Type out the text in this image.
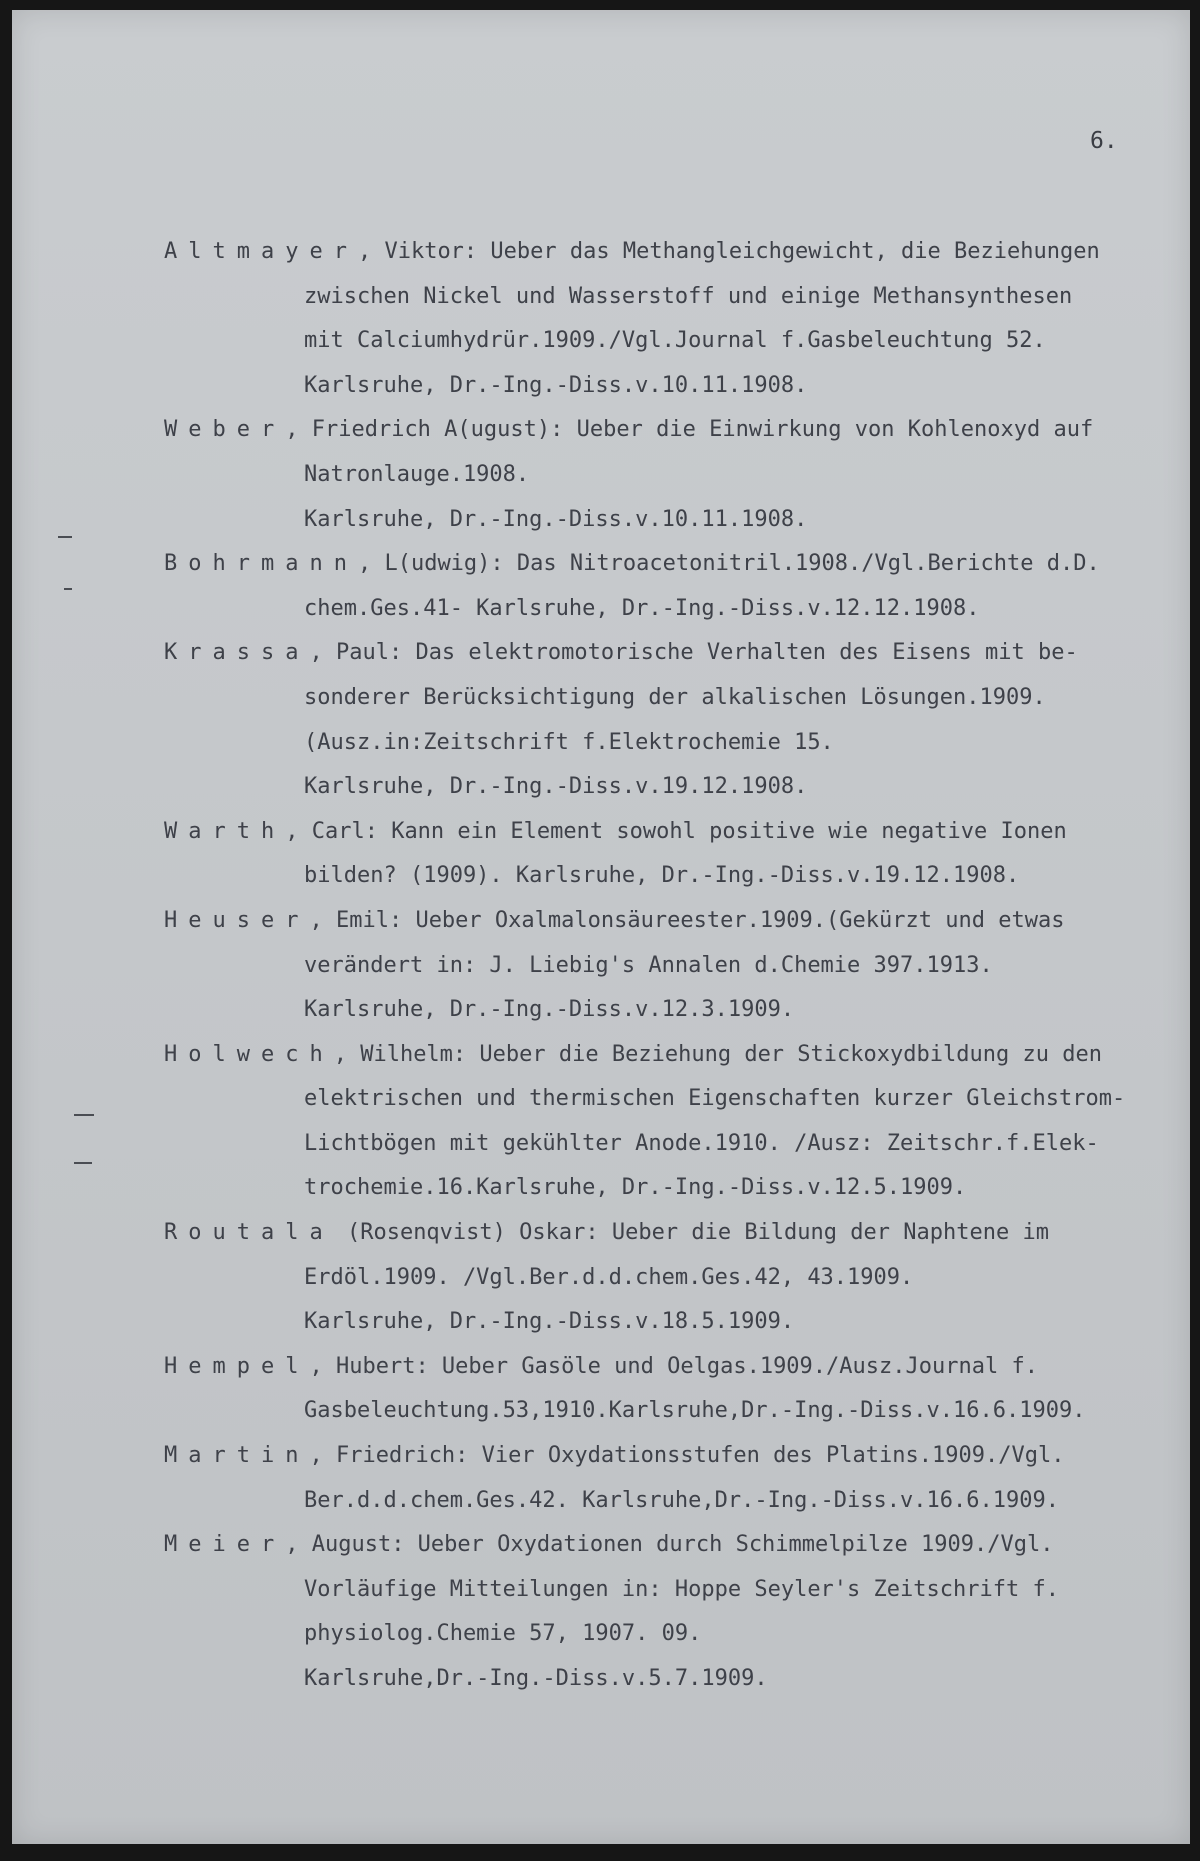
6.
Altmayer, Viktor: Ueber das Methangleichgewicht, die Beziehungen
zwischen Nickel und Wasserstoff und einige Methansynthesen
mit Calciumhydrür.1909./Vgl.Journal f.Gasbeleuchtung 52.
Karlsruhe, Dr.-Ing.-Diss.v.10.11.1908.
Weber, Friedrich A(ugust): Ueber die Einwirkung von Kohlenoxyd auf
Natronlauge.1908.
Karlsruhe, Dr.-Ing.-Diss.v.10.11.1908.
Bohrmann, L(udwig): Das Nitroacetonitril.1908./Vgl.Berichte d.D.
chem.Ges.41- Karlsruhe, Dr.-Ing.-Diss.v.12.12.1908.
Krassa, Paul: Das elektromotorische Verhalten des Eisens mit be-
sonderer Berücksichtigung der alkalischen Lösungen.1909.
(Ausz.in:Zeitschrift f.Elektrochemie 15.
Karlsruhe, Dr.-Ing.-Diss.v.19.12.1908.
Warth, Carl: Kann ein Element sowohl positive wie negative Ionen
bilden? (1909). Karlsruhe, Dr.-Ing.-Diss.v.19.12.1908.
Heuser, Emil: Ueber Oxalmalonsäureester.1909.(Gekürzt und etwas
verändert in: J. Liebig's Annalen d.Chemie 397.1913.
Karlsruhe, Dr.-Ing.-Diss.v.12.3.1909.
Holwech, Wilhelm: Ueber die Beziehung der Stickoxydbildung zu den
elektrischen und thermischen Eigenschaften kurzer Gleichstrom-
Lichtbögen mit gekühlter Anode.1910. /Ausz: Zeitschr.f.Elek-
trochemie.16.Karlsruhe, Dr.-Ing.-Diss.v.12.5.1909.
Routala (Rosenqvist) Oskar: Ueber die Bildung der Naphtene im
Erdöl.1909. /Vgl.Ber.d.d.chem.Ges.42, 43.1909.
Karlsruhe, Dr.-Ing.-Diss.v.18.5.1909.
Hempel, Hubert: Ueber Gasöle und Oelgas.1909./Ausz.Journal f.
Gasbeleuchtung.53,1910.Karlsruhe,Dr.-Ing.-Diss.v.16.6.1909.
Martin, Friedrich: Vier Oxydationsstufen des Platins.1909./Vgl.
Ber.d.d.chem.Ges.42. Karlsruhe,Dr.-Ing.-Diss.v.16.6.1909.
Meier, August: Ueber Oxydationen durch Schimmelpilze 1909./Vgl.
Vorläufige Mitteilungen in: Hoppe Seyler's Zeitschrift f.
physiolog.Chemie 57, 1907. 09.
Karlsruhe,Dr.-Ing.-Diss.v.5.7.1909.
